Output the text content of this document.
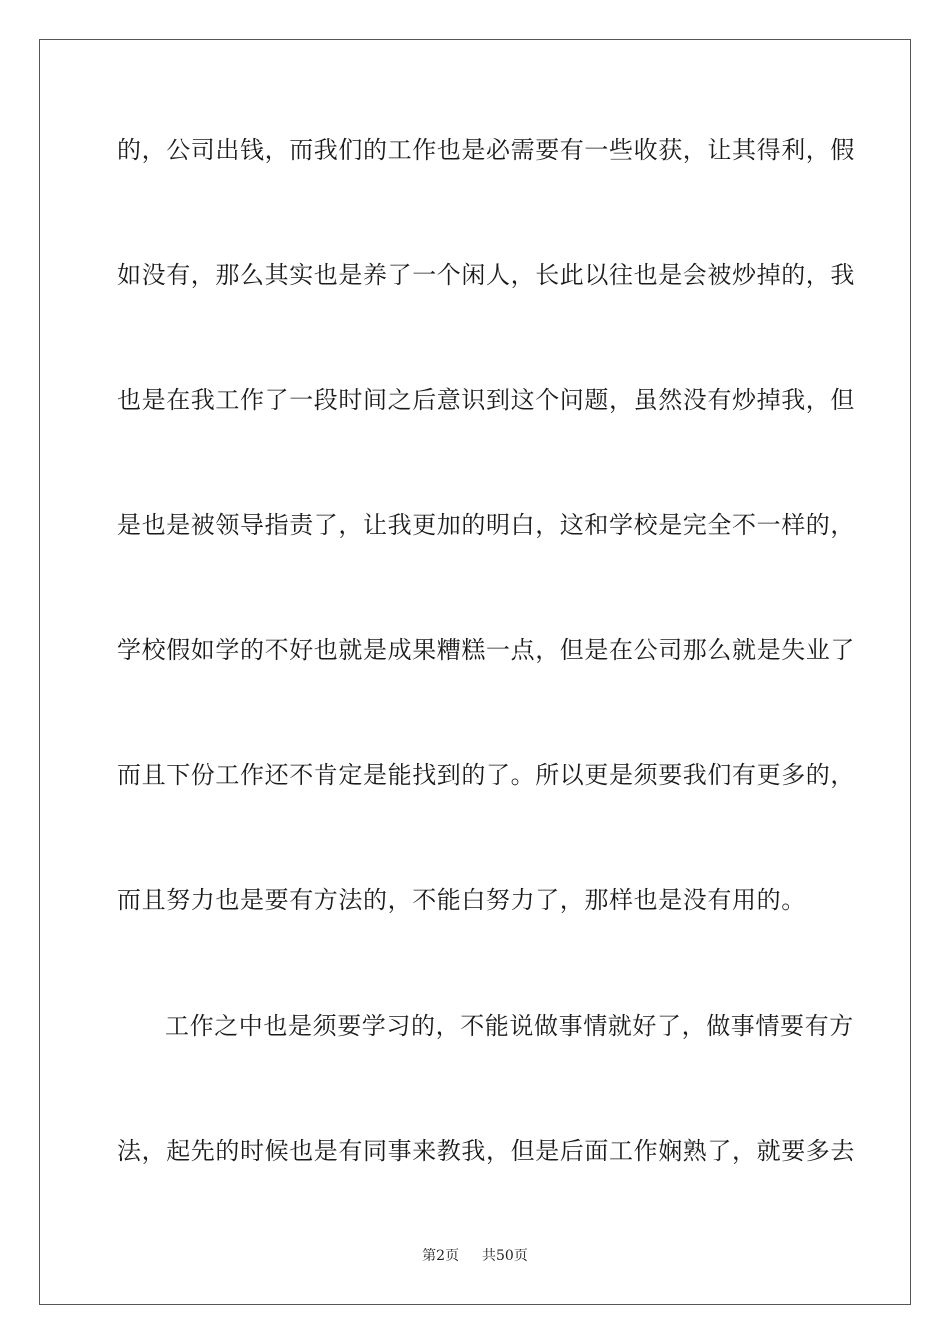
的，公司出钱，而我们的工作也是必需要有一些收获，让其得利，假
如没有，那么其实也是养了一个闲人，长此以往也是会被炒掉的，我
也是在我工作了一段时间之后意识到这个问题，虽然没有炒掉我，但
是也是被领导指责了，让我更加的明白，这和学校是完全不一样的，
学校假如学的不好也就是成果糟糕一点，但是在公司那么就是失业了
而且下份工作还不肯定是能找到的了。所以更是须要我们有更多的，
而且努力也是要有方法的，不能白努力了，那样也是没有用的。
工作之中也是须要学习的，不能说做事情就好了，做事情要有方
法，起先的时候也是有同事来教我，但是后面工作娴熟了，就要多去
第2页 共50页
